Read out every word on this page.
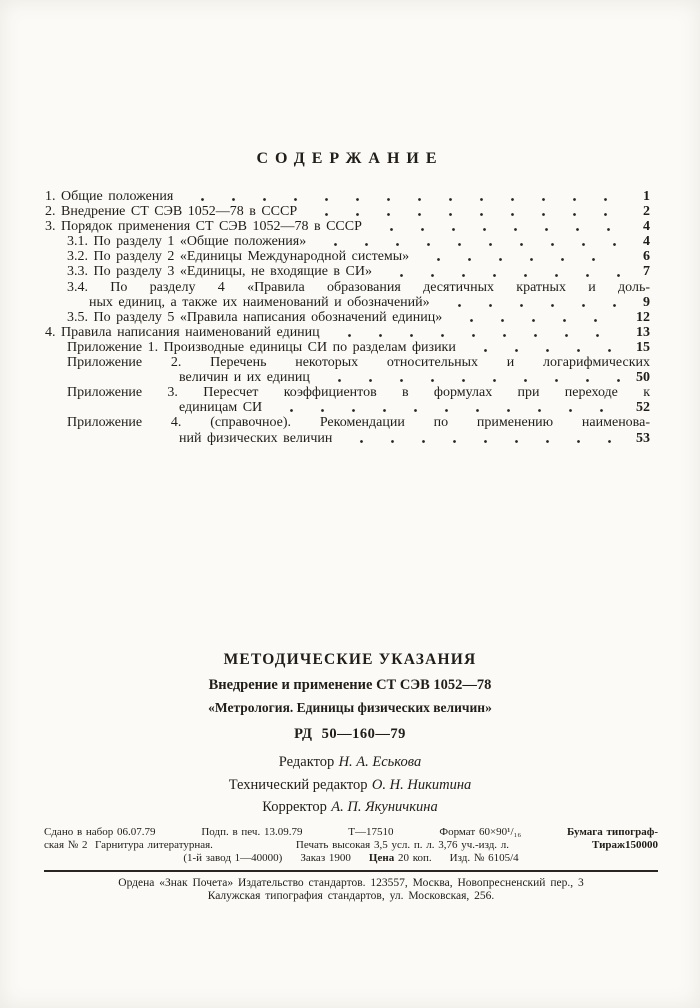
СОДЕРЖАНИЕ
1. Общие положения	1
2. Внедрение СТ СЭВ 1052—78 в СССР	2
3. Порядок применения СТ СЭВ 1052—78 в СССР	4
3.1. По разделу 1 «Общие положения»	4
3.2. По разделу 2 «Единицы Международной системы»	6
3.3. По разделу 3 «Единицы, не входящие в СИ»	7
3.4. По разделу 4 «Правила образования десятичных кратных и доль-
ных единиц, а также их наименований и обозначений»	9
3.5. По разделу 5 «Правила написания обозначений единиц»	12
4. Правила написания наименований единиц	13
Приложение 1. Производные единицы СИ по разделам физики	15
Приложение 2. Перечень некоторых относительных и логарифмических
величин и их единиц	50
Приложение 3. Пересчет коэффициентов в формулах при переходе к
единицам СИ	52
Приложение 4. (справочное). Рекомендации по применению наименова-
ний физических величин	53
МЕТОДИЧЕСКИЕ УКАЗАНИЯ
Внедрение и применение СТ СЭВ 1052—78
«Метрология. Единицы физических величин»
РД 50—160—79
Редактор Н. А. Еськова
Технический редактор О. Н. Никитина
Корректор А. П. Якуничкина
Сдано в набор 06.07.79	Подп. в печ. 13.09.79	Т—17510	Формат 60×90¹/₁₆	Бумага типограф-
ская № 2  Гарнитура литературная.	Печать высокая 3,5 усл. п. л. 3,76 уч.-изд. л.	Тираж150000
(1-й завод 1—40000) Заказ 1900 Цена 20 коп. Изд. № 6105/4
Ордена «Знак Почета» Издательство стандартов. 123557, Москва, Новопресненский пер., 3
Калужская типография стандартов, ул. Московская, 256.
